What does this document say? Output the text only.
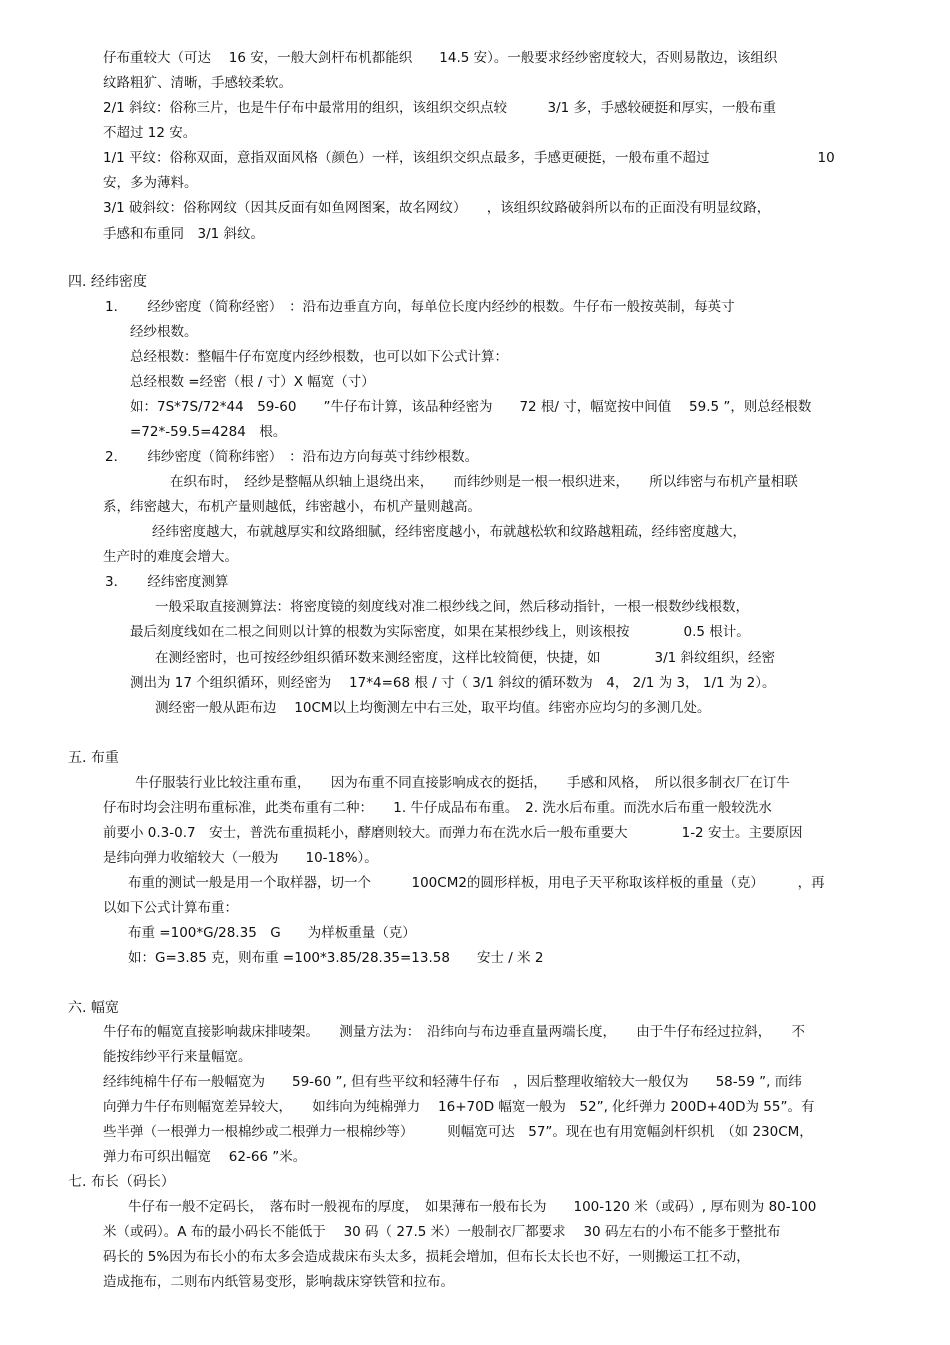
仔布重较大（可达　 16 安，一般大剑杆布机都能织　　14.5 安）。一般要求经纱密度较大，否则易散边，该组织
纹路粗犷、清晰，手感较柔软。
2/1 斜纹：俗称三片，也是牛仔布中最常用的组织，该组织交织点较　　　3/1 多，手感较硬挺和厚实，一般布重
不超过 12 安。
1/1 平纹：俗称双面，意指双面风格（颜色）一样，该组织交织点最多，手感更硬挺，一般布重不超过　　　　　　　　10
安，多为薄料。
3/1 破斜纹：俗称网纹（因其反面有如鱼网图案，故名网纹）　　，该组织纹路破斜所以布的正面没有明显纹路，
手感和布重同　3/1 斜纹。
四. 经纬密度
1．　　经纱密度（简称经密）　：沿布边垂直方向，每单位长度内经纱的根数。牛仔布一般按英制，每英寸
经纱根数。
总经根数：整幅牛仔布宽度内经纱根数，也可以如下公式计算：
总经根数 =经密（根 / 寸）X 幅宽（寸）
如：7S*7S/72*44　59-60　　”牛仔布计算，该品种经密为　　72 根/ 寸，幅宽按中间值　 59.5 ”，则总经根数
=72*-59.5=4284　根。
2．　　纬纱密度（简称纬密）　：沿布边方向每英寸纬纱根数。
在织布时，　经纱是整幅从织轴上退绕出来，　　而纬纱则是一根一根织进来，　　所以纬密与布机产量相联
系，纬密越大，布机产量则越低，纬密越小，布机产量则越高。
经纬密度越大，布就越厚实和纹路细腻，经纬密度越小，布就越松软和纹路越粗疏，经纬密度越大，
生产时的难度会增大。
3．　　经纬密度测算
一般采取直接测算法：将密度镜的刻度线对准二根纱线之间，然后移动指针，一根一根数纱线根数，
最后刻度线如在二根之间则以计算的根数为实际密度，如果在某根纱线上，则该根按　　　　0.5 根计。
在测经密时，也可按经纱组织循环数来测经密度，这样比较简便，快捷，如　　　　3/1 斜纹组织，经密
测出为 17 个组织循环，则经密为　 17*4=68 根 / 寸（ 3/1 斜纹的循环数为　4， 2/1 为 3， 1/1 为 2）。
测经密一般从距布边　 10CM以上均衡测左中右三处，取平均值。纬密亦应均匀的多测几处。
五. 布重
牛仔服装行业比较注重布重，　　因为布重不同直接影响成衣的挺括，　　手感和风格，　所以很多制衣厂在订牛
仔布时均会注明布重标准，此类布重有二种：　　1. 牛仔成品布布重。　2. 洗水后布重。而洗水后布重一般较洗水
前要小 0.3-0.7　安士，普洗布重损耗小，酵磨则较大。而弹力布在洗水后一般布重要大　　　　1-2 安士。主要原因
是纬向弹力收缩较大（一般为　　10-18%）。
布重的测试一般是用一个取样器，切一个　　　100CM2的圆形样板，用电子天平称取该样板的重量（克）　　　，再
以如下公式计算布重：
布重 =100*G/28.35　G　　为样板重量（克）
如：G=3.85 克，则布重 =100*3.85/28.35=13.58　　安士 / 米 2
六. 幅宽
牛仔布的幅宽直接影响裁床排唛架。　　测量方法为：　沿纬向与布边垂直量两端长度，　　由于牛仔布经过拉斜，　　不
能按纬纱平行来量幅宽。
经纬纯棉牛仔布一般幅宽为　　59-60 ”, 但有些平纹和轻薄牛仔布　，因后整理收缩较大一般仅为　　58-59 ”, 而纬
向弹力牛仔布则幅宽差异较大，　　如纬向为纯棉弹力　 16+70D 幅宽一般为　52”, 化纤弹力 200D+40D为 55”。有
些半弹（一根弹力一根棉纱或二根弹力一根棉纱等）　　　则幅宽可达　57”。现在也有用宽幅剑杆织机　（如 230CM，
弹力布可织出幅宽　 62-66 ”米。
七. 布长（码长）
牛仔布一般不定码长，　落布时一般视布的厚度，　如果薄布一般布长为　　100-120 米（或码）, 厚布则为 80-100
米（或码）。A 布的最小码长不能低于　 30 码（ 27.5 米）一般制衣厂都要求　 30 码左右的小布不能多于整批布
码长的 5%因为布长小的布太多会造成裁床布头太多，损耗会增加，但布长太长也不好，一则搬运工扛不动，
造成拖布，二则布内纸管易变形，影响裁床穿铁管和拉布。
